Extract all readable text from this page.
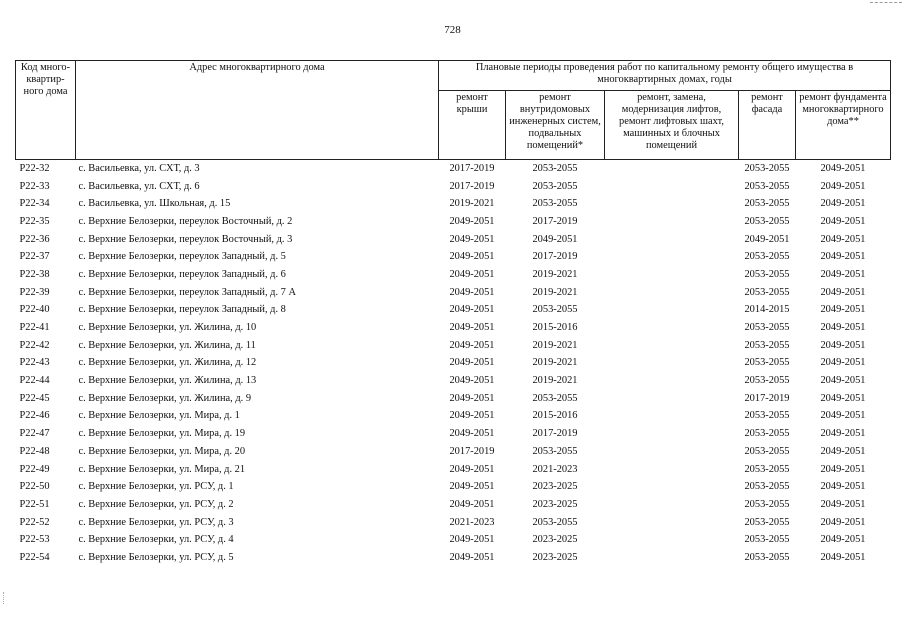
728
Код много-квартир-ного дома	Адрес многоквартирного дома	Плановые периоды проведения работ по капитальному ремонту общего имущества в многоквартирных домах, годы				
		ремонт крыши	ремонт внутридомовых инженерных систем, подвальных помещений*	ремонт, замена, модернизация лифтов, ремонт лифтовых шахт, машинных и блочных помещений	ремонт фасада	ремонт фундамента многоквартирного дома**
P22-32	с. Васильевка, ул. СХТ, д. 3	2017-2019	2053-2055		2053-2055	2049-2051
P22-33	с. Васильевка, ул. СХТ, д. 6	2017-2019	2053-2055		2053-2055	2049-2051
P22-34	с. Васильевка, ул. Школьная, д. 15	2019-2021	2053-2055		2053-2055	2049-2051
P22-35	с. Верхние Белозерки, переулок Восточный, д. 2	2049-2051	2017-2019		2053-2055	2049-2051
P22-36	с. Верхние Белозерки, переулок Восточный, д. 3	2049-2051	2049-2051		2049-2051	2049-2051
P22-37	с. Верхние Белозерки, переулок Западный, д. 5	2049-2051	2017-2019		2053-2055	2049-2051
P22-38	с. Верхние Белозерки, переулок Западный, д. 6	2049-2051	2019-2021		2053-2055	2049-2051
P22-39	с. Верхние Белозерки, переулок Западный, д. 7 А	2049-2051	2019-2021		2053-2055	2049-2051
P22-40	с. Верхние Белозерки, переулок Западный, д. 8	2049-2051	2053-2055		2014-2015	2049-2051
P22-41	с. Верхние Белозерки, ул. Жилина, д. 10	2049-2051	2015-2016		2053-2055	2049-2051
P22-42	с. Верхние Белозерки, ул. Жилина, д. 11	2049-2051	2019-2021		2053-2055	2049-2051
P22-43	с. Верхние Белозерки, ул. Жилина, д. 12	2049-2051	2019-2021		2053-2055	2049-2051
P22-44	с. Верхние Белозерки, ул. Жилина, д. 13	2049-2051	2019-2021		2053-2055	2049-2051
P22-45	с. Верхние Белозерки, ул. Жилина, д. 9	2049-2051	2053-2055		2017-2019	2049-2051
P22-46	с. Верхние Белозерки, ул. Мира, д. 1	2049-2051	2015-2016		2053-2055	2049-2051
P22-47	с. Верхние Белозерки, ул. Мира, д. 19	2049-2051	2017-2019		2053-2055	2049-2051
P22-48	с. Верхние Белозерки, ул. Мира, д. 20	2017-2019	2053-2055		2053-2055	2049-2051
P22-49	с. Верхние Белозерки, ул. Мира, д. 21	2049-2051	2021-2023		2053-2055	2049-2051
P22-50	с. Верхние Белозерки, ул. РСУ, д. 1	2049-2051	2023-2025		2053-2055	2049-2051
P22-51	с. Верхние Белозерки, ул. РСУ, д. 2	2049-2051	2023-2025		2053-2055	2049-2051
P22-52	с. Верхние Белозерки, ул. РСУ, д. 3	2021-2023	2053-2055		2053-2055	2049-2051
P22-53	с. Верхние Белозерки, ул. РСУ, д. 4	2049-2051	2023-2025		2053-2055	2049-2051
P22-54	с. Верхние Белозерки, ул. РСУ, д. 5	2049-2051	2023-2025		2053-2055	2049-2051
